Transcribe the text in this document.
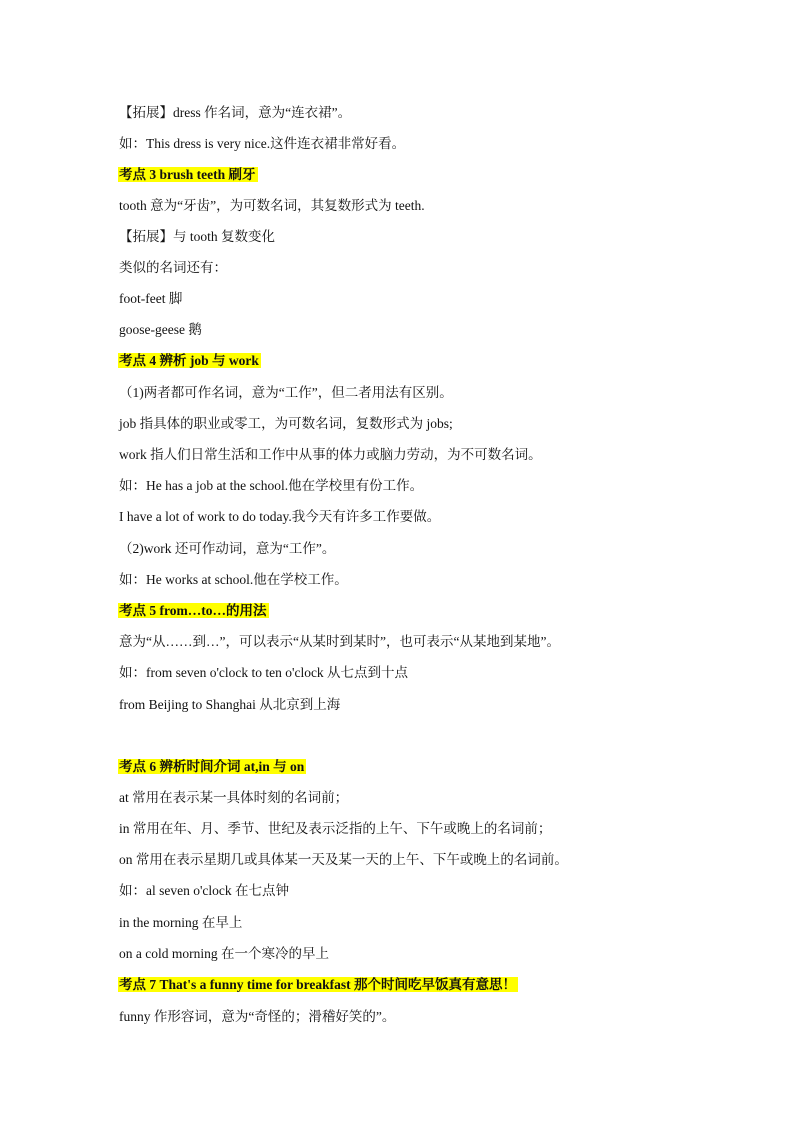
【拓展】dress 作名词，意为“连衣裙”。
如：This dress is very nice.这件连衣裙非常好看。
考点 3 brush teeth 刷牙
tooth 意为“牙齿”，为可数名词，其复数形式为 teeth.
【拓展】与 tooth 复数变化
类似的名词还有：
foot-feet 脚
goose-geese 鹅
考点 4 辨析 job 与 work
（1)两者都可作名词，意为“工作”，但二者用法有区别。
job 指具体的职业或零工，为可数名词，复数形式为 jobs;
work 指人们日常生活和工作中从事的体力或脑力劳动，为不可数名词。
如：He has a job at the school.他在学校里有份工作。
I have a lot of work to do today.我今天有许多工作要做。
（2)work 还可作动词，意为“工作”。
如：He works at school.他在学校工作。
考点 5 from…to…的用法
意为“从……到…”，可以表示“从某时到某时”，也可表示“从某地到某地”。
如：from seven o'clock to ten o'clock 从七点到十点
from Beijing to Shanghai 从北京到上海
考点 6 辨析时间介词 at,in 与 on
at 常用在表示某一具体时刻的名词前；
in 常用在年、月、季节、世纪及表示泛指的上午、下午或晚上的名词前；
on 常用在表示星期几或具体某一天及某一天的上午、下午或晚上的名词前。
如：al seven o'clock 在七点钟
in the morning 在早上
on a cold morning 在一个寒冷的早上
考点 7 That's a funny time for breakfast 那个时间吃早饭真有意思！
funny 作形容词，意为“奇怪的；滑稽好笑的”。
